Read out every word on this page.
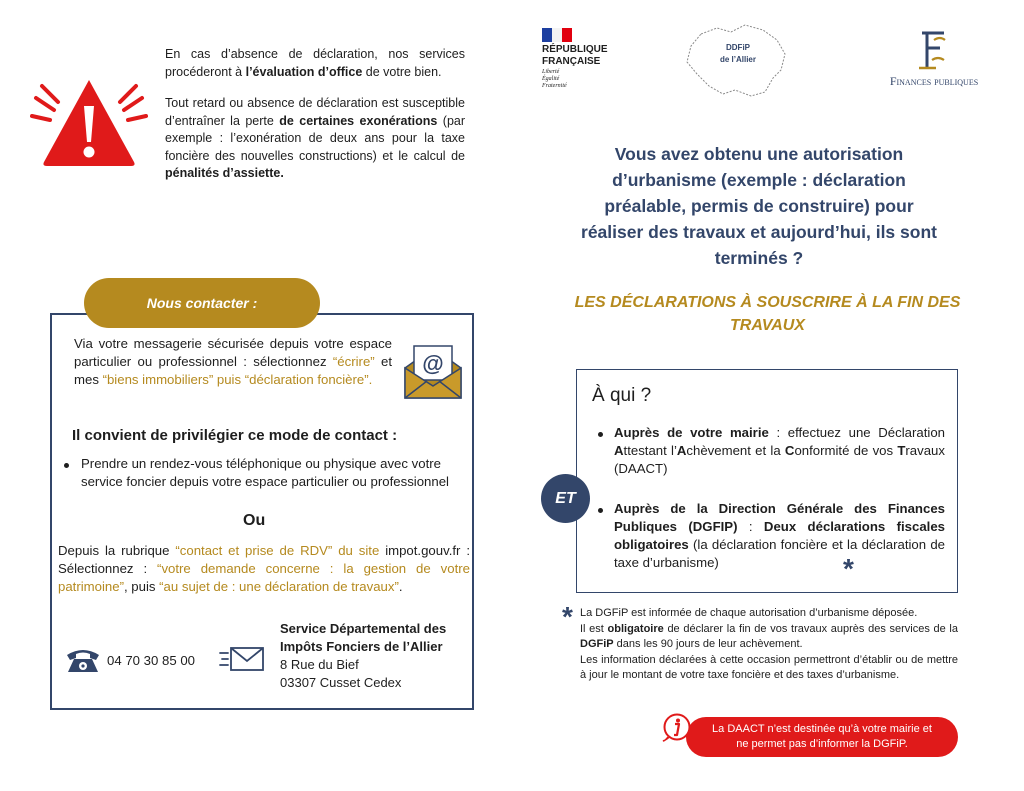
En cas d’absence de déclaration, nos services procéderont à l’évaluation d’office de votre bien.

Tout retard ou absence de déclaration est susceptible d’entraîner la perte de certaines exonérations (par exemple : l’exonération de deux ans pour la taxe foncière des nouvelles constructions) et le calcul de pénalités d’assiette.

Nous contacter :
Via votre messagerie sécurisée depuis votre espace particulier ou professionnel : sélectionnez “écrire” et mes “biens immobiliers” puis “déclaration foncière”.
@
Il convient de privilégier ce mode de contact :
Prendre un rendez-vous téléphonique ou physique avec votre service foncier depuis votre espace particulier ou professionnel
Ou
Depuis la rubrique “contact et prise de RDV” du site impot.gouv.fr : Sélectionnez : “votre demande concerne : la gestion de votre patrimoine”, puis “au sujet de : une déclaration de travaux”.
04 70 30 85 00
Service Départemental des Impôts Fonciers de l’Allier
8 Rue du Bief
03307 Cusset Cedex
RÉPUBLIQUE
FRANÇAISE
Liberté
Égalité
Fraternité
DDFiP
de l’Allier
Finances publiques
Vous avez obtenu une autorisation d’urbanisme (exemple : déclaration préalable, permis de construire) pour réaliser des travaux et aujourd’hui, ils sont terminés ?
LES DÉCLARATIONS À SOUSCRIRE À LA FIN DES TRAVAUX
À qui ?
Auprès de votre mairie : effectuez une Déclaration Attestant l’Achèvement et la Conformité de vos Travaux (DAACT)
ET
Auprès de la Direction Générale des Finances Publiques (DGFIP) : Deux déclarations fiscales obligatoires (la déclaration foncière et la déclaration de taxe d’urbanisme)	*
* La DGFiP est informée de chaque autorisation d’urbanisme déposée.

Il est obligatoire de déclarer la fin de vos travaux auprès des services de la DGFiP dans les 90 jours de leur achèvement.

Les information déclarées à cette occasion permettront d’établir ou de mettre à jour le montant de votre taxe foncière et des taxes d’urbanisme.

La DAACT n’est destinée qu’à votre mairie et ne permet pas d’informer la DGFiP.
